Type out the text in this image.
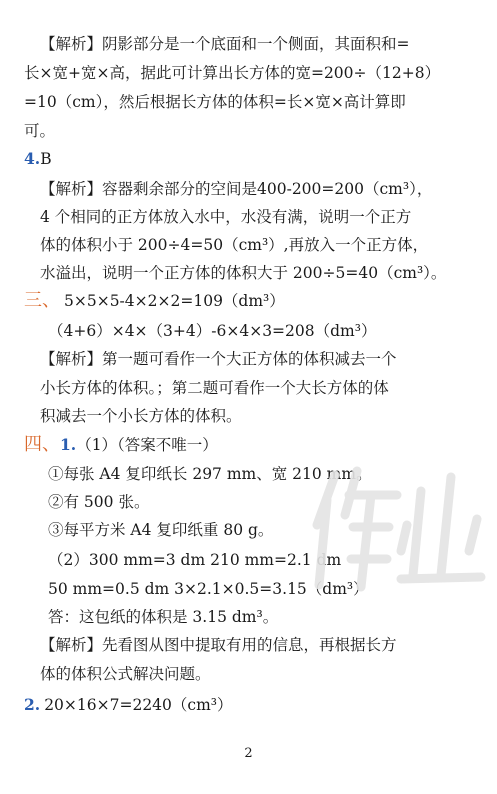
【解析】阴影部分是一个底面和一个侧面，其面积和=
长×宽+宽×高，据此可计算出长方体的宽=200÷（12+8）
=10（cm），然后根据长方体的体积=长×宽×高计算即
可。
4.B
【解析】容器剩余部分的空间是400-200=200（cm³），
4 个相同的正方体放入水中，水没有满，说明一个正方
体的体积小于 200÷4=50（cm³）,再放入一个正方体，
水溢出，说明一个正方体的体积大于 200÷5=40（cm³）。
三、 5×5×5-4×2×2=109（dm³）
（4+6）×4×（3+4）-6×4×3=208（dm³）
【解析】第一题可看作一个大正方体的体积减去一个
小长方体的体积。；第二题可看作一个大长方体的体
积减去一个小长方体的体积。
四、1.（1）（答案不唯一）
①每张 A4 复印纸长 297 mm、宽 210 mm。
②有 500 张。
③每平方米 A4 复印纸重 80 g。
（2）300 mm=3 dm 210 mm=2.1 dm
50 mm=0.5 dm 3×2.1×0.5=3.15（dm³）
答：这包纸的体积是 3.15 dm³。
【解析】先看图从图中提取有用的信息，再根据长方
体的体积公式解决问题。
2. 20×16×7=2240（cm³）
2
